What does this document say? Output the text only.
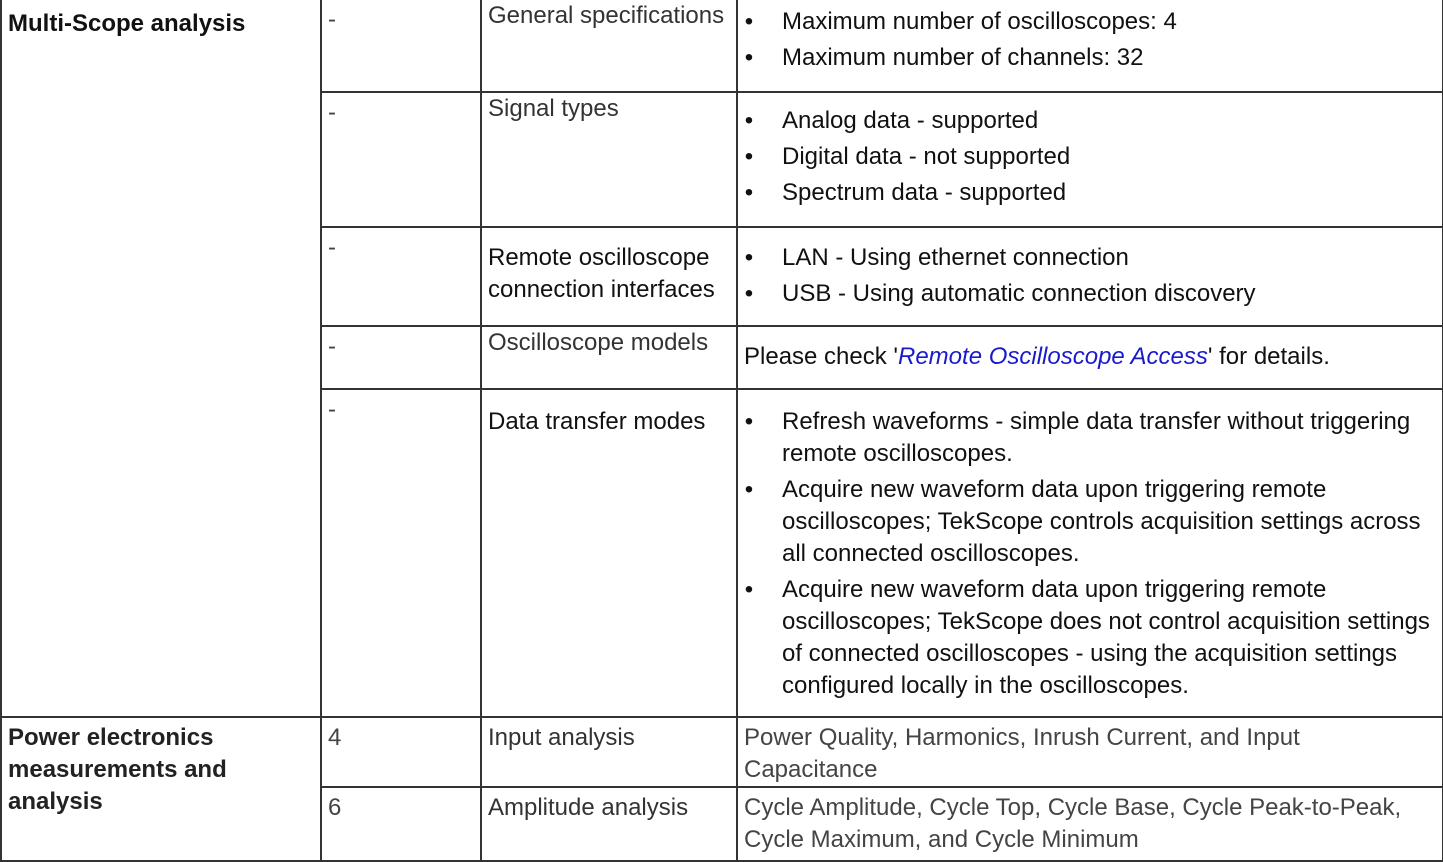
Multi-Scope analysis	-	General specifications	• Maximum number of oscilloscopes: 4
• Maximum number of channels: 32

-	Signal types	• Analog data - supported
• Digital data - not supported
• Spectrum data - supported

-	Remote oscilloscope connection interfaces	
• LAN - Using ethernet connection
• USB - Using automatic connection discovery

	-	Oscilloscope models	Please check 'Remote Oscilloscope Access' for details.

-	Data transfer modes	• Refresh waveforms - simple data transfer without triggering remote oscilloscopes.
• Acquire new waveform data upon triggering remote oscilloscopes; TekScope controls acquisition settings across all connected oscilloscopes.
• Acquire new waveform data upon triggering remote oscilloscopes; TekScope does not control acquisition settings of connected oscilloscopes - using the acquisition settings configured locally in the oscilloscopes.

Power electronics measurements and analysis	4	Input analysis	Power Quality, Harmonics, Inrush Current, and Input Capacitance
	6	Amplitude analysis	Cycle Amplitude, Cycle Top, Cycle Base, Cycle Peak-to-Peak, Cycle Maximum, and Cycle Minimum
